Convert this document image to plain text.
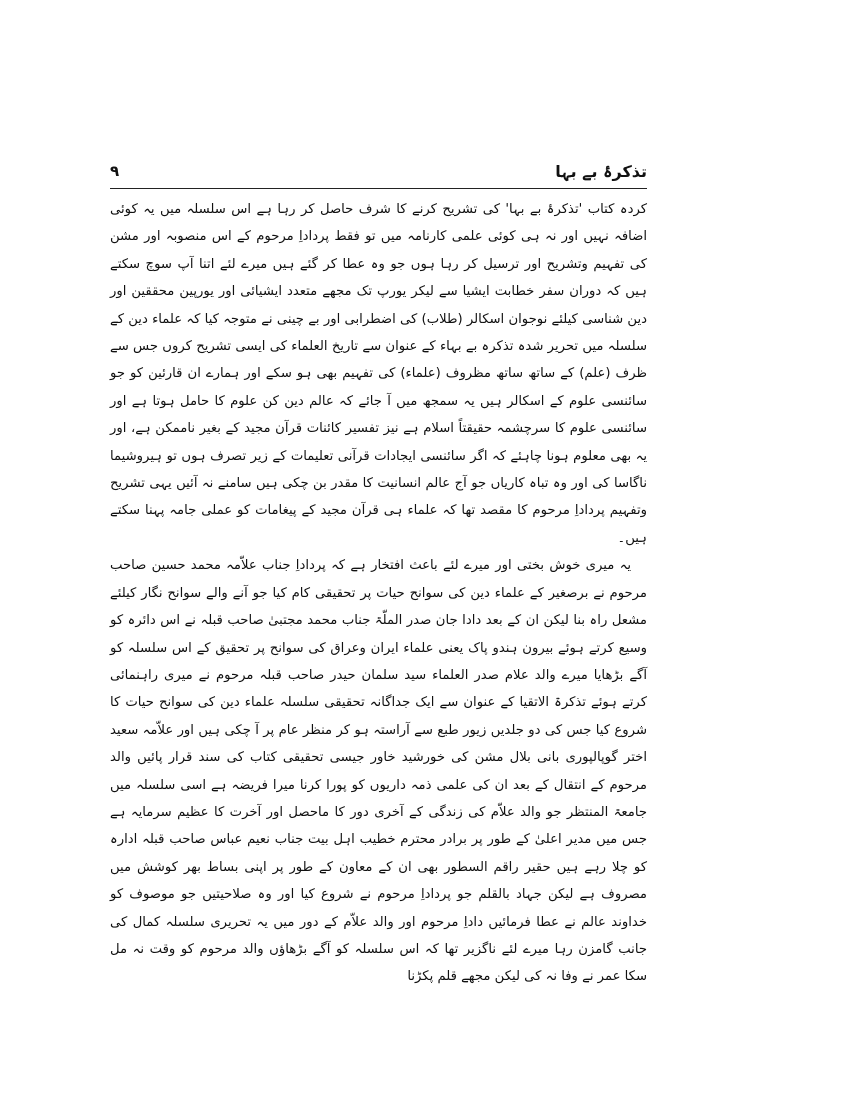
۹	تذکرۂ بے بہا

کردہ کتاب 'تذکرۂ بے بہا' کی تشریح کرنے کا شرف حاصل کر رہا ہے اس سلسلہ میں یہ کوئی اضافہ نہیں اور نہ ہی کوئی علمی کارنامہ میں تو فقط پرداداِ مرحوم کے اس منصوبہ اور مشن کی تفہیم وتشریح اور ترسیل کر رہا ہوں جو وہ عطا کر گئے ہیں میرے لئے اتنا آپ سوچ سکتے ہیں کہ دوران سفر خطابت ایشیا سے لیکر یورپ تک مجھے متعدد ایشیائی اور یورپین محققین اور دین شناسی کیلئے نوجوان اسکالر (طلاب) کی اضطرابی اور بے چینی نے متوجہ کیا کہ علماء دین کے سلسلہ میں تحریر شدہ تذکرہ بے بہاء کے عنوان سے تاریخ العلماء کی ایسی تشریح کروں جس سے ظرف (علم) کے ساتھ ساتھ مظروف (علماء) کی تفہیم بھی ہو سکے اور ہمارے ان قارئین کو جو سائنسی علوم کے اسکالر ہیں یہ سمجھ میں آ جائے کہ عالم دین کن علوم کا حامل ہوتا ہے اور سائنسی علوم کا سرچشمہ حقیقتاً اسلام ہے نیز تفسیر کائنات قرآن مجید کے بغیر ناممکن ہے، اور یہ بھی معلوم ہونا چاہئے کہ اگر سائنسی ایجادات قرآنی تعلیمات کے زیر تصرف ہوں تو ہیروشیما ناگاسا کی اور وہ تباہ کاریاں جو آج عالم انسانیت کا مقدر بن چکی ہیں سامنے نہ آئیں یہی تشریح وتفہیم پرداداِ مرحوم کا مقصد تھا کہ علماء ہی قرآن مجید کے پیغامات کو عملی جامہ پہنا سکتے ہیں۔

یہ میری خوش بختی اور میرے لئے باعث افتخار ہے کہ پرداداِ جناب علاّمہ محمد حسین صاحب مرحوم نے برصغیر کے علماء دین کی سوانح حیات پر تحقیقی کام کیا جو آنے والے سوانح نگار کیلئے مشعل راہ بنا لیکن ان کے بعد دادا جان صدر الملّۃ جناب محمد مجتبیٰ صاحب قبلہ نے اس دائرہ کو وسیع کرتے ہوئے بیرون ہندو پاک یعنی علماء ایران وعراق کی سوانح پر تحقیق کے اس سلسلہ کو آگے بڑھایا میرے والد علام صدر العلماء سید سلمان حیدر صاحب قبلہ مرحوم نے میری راہنمائی کرتے ہوئے تذکرۃ الاتقیا کے عنوان سے ایک جداگانہ تحقیقی سلسلہ علماء دین کی سوانح حیات کا شروع کیا جس کی دو جلدیں زیور طبع سے آراستہ ہو کر منظر عام پر آ چکی ہیں اور علاّمہ سعید اختر گوپالپوری بانی بلال مشن کی خورشید خاور جیسی تحقیقی کتاب کی سند قرار پائیں والد مرحوم کے انتقال کے بعد ان کی علمی ذمہ داریوں کو پورا کرنا میرا فریضہ ہے اسی سلسلہ میں جامعۃ المنتظر جو والد علاّم کی زندگی کے آخری دور کا ماحصل اور آخرت کا عظیم سرمایہ ہے جس میں مدیر اعلیٰ کے طور پر برادر محترم خطیب اہل بیت جناب نعیم عباس صاحب قبلہ ادارہ کو چلا رہے ہیں حقیر راقم السطور بھی ان کے معاون کے طور پر اپنی بساط بھر کوشش میں مصروف ہے لیکن جہاد بالقلم جو پرداداِ مرحوم نے شروع کیا اور وہ صلاحیتیں جو موصوف کو خداوند عالم نے عطا فرمائیں داداِ مرحوم اور والد علاّم کے دور میں یہ تحریری سلسلہ کمال کی جانب گامزن رہا میرے لئے ناگزیر تھا کہ اس سلسلہ کو آگے بڑھاؤں والد مرحوم کو وقت نہ مل سکا عمر نے وفا نہ کی لیکن مجھے قلم پکڑنا
